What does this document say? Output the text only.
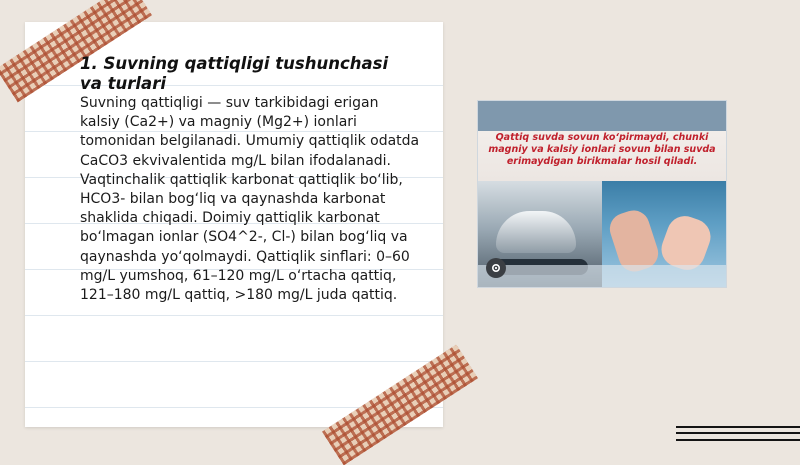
1. Suvning qattiqligi tushunchasi va turlari
Suvning qattiqligi — suv tarkibidagi erigan kalsiy (Ca2+) va magniy (Mg2+) ionlari tomonidan belgilanadi. Umumiy qattiqlik odatda CaCO3 ekvivalentida mg/L bilan ifodalanadi. Vaqtinchalik qattiqlik karbonat qattiqlik bo‘lib, HCO3- bilan bog‘liq va qaynashda karbonat shaklida chiqadi. Doimiy qattiqlik karbonat bo‘lmagan ionlar (SO4^2-, Cl-) bilan bog‘liq va qaynashda yo‘qolmaydi. Qattiqlik sinflari: 0–60 mg/L yumshoq, 61–120 mg/L o‘rtacha qattiq, 121–180 mg/L qattiq, >180 mg/L juda qattiq.
Qattiq suvda sovun ko‘pirmaydi, chunki magniy va kalsiy ionlari sovun bilan suvda erimaydigan birikmalar hosil qiladi.
